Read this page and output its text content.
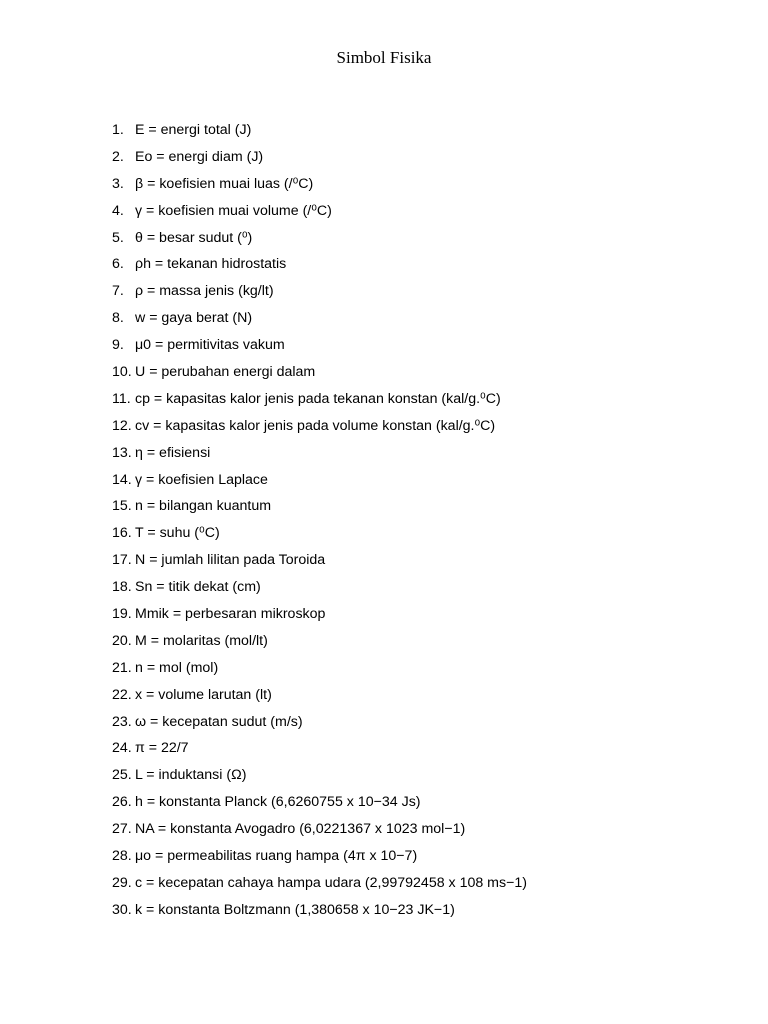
Simbol Fisika
1. E = energi total (J)
2. Eo = energi diam (J)
3. β = koefisien muai luas (/⁰C)
4. γ = koefisien muai volume (/⁰C)
5. θ = besar sudut (⁰)
6. ρh = tekanan hidrostatis
7. ρ = massa jenis (kg/lt)
8. w = gaya berat (N)
9. μ0 = permitivitas vakum
10. U = perubahan energi dalam
11. cp = kapasitas kalor jenis pada tekanan konstan (kal/g.⁰C)
12. cv = kapasitas kalor jenis pada volume konstan (kal/g.⁰C)
13. η = efisiensi
14. γ = koefisien Laplace
15. n = bilangan kuantum
16. T = suhu (⁰C)
17. N = jumlah lilitan pada Toroida
18. Sn = titik dekat (cm)
19. Mmik = perbesaran mikroskop
20. M = molaritas (mol/lt)
21. n = mol (mol)
22. x = volume larutan (lt)
23. ω = kecepatan sudut (m/s)
24. π = 22/7
25. L = induktansi (Ω)
26. h = konstanta Planck (6,6260755 x 10−34 Js)
27. NA = konstanta Avogadro (6,0221367 x 1023 mol−1)
28. μo = permeabilitas ruang hampa (4π x 10−7)
29. c = kecepatan cahaya hampa udara (2,99792458 x 108 ms−1)
30. k = konstanta Boltzmann (1,380658 x 10−23 JK−1)
